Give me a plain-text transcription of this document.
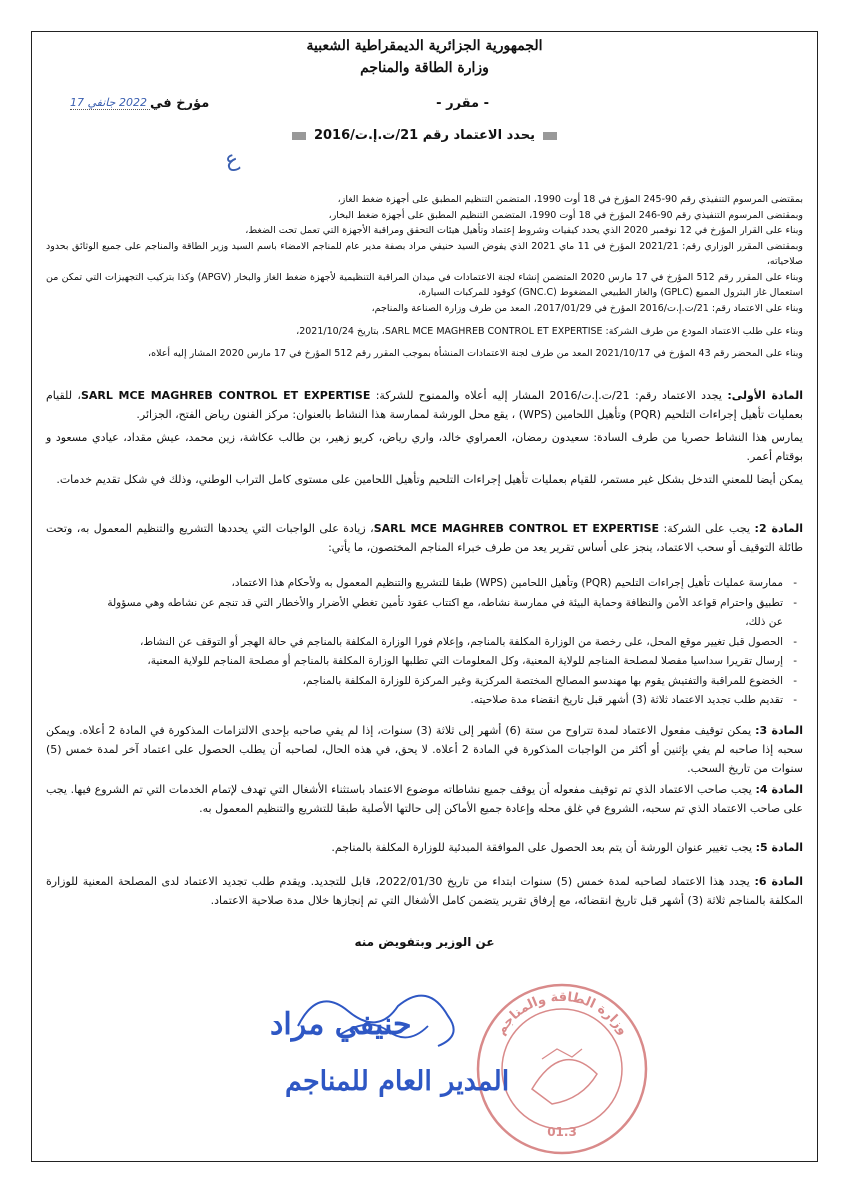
الجمهورية الجزائرية الديمقراطية الشعبية
وزارة الطاقة والمناجم
- مقرر -
مؤرخ في
2022 جانفي 17
يحدد الاعتماد رقم 21/ت.إ.ت/2016
ع

بمقتضى المرسوم التنفيذي رقم 90-245 المؤرخ في 18 أوت 1990، المتضمن التنظيم المطبق على أجهزة ضغط الغاز،

وبمقتضى المرسوم التنفيذي رقم 90-246 المؤرخ في 18 أوت 1990، المتضمن التنظيم المطبق على أجهزة ضغط البخار،

وبناء على القرار المؤرخ في 12 نوفمبر 2020 الذي يحدد كيفيات وشروط إعتماد وتأهيل هيئات التحقق ومراقبة الأجهزة التي تعمل تحت الضغط،

وبمقتضى المقرر الوزاري رقم: 2021/21 المؤرخ في 11 ماي 2021 الذي يفوض السيد حنيفي مراد بصفة مدير عام للمناجم الامضاء باسم السيد وزير الطاقة والمناجم على جميع الوثائق بحدود صلاحياته،

وبناء على المقرر رقم 512 المؤرخ في 17 مارس 2020 المتضمن إنشاء لجنة الاعتمادات في ميدان المراقبة التنظيمية لأجهزة ضغط الغاز والبخار (APGV) وكذا بتركيب التجهيزات التي تمكن من استعمال غاز البترول المميع (GPLC) والغاز الطبيعي المضغوط (GNC.C) كوقود للمركبات السيارة،

وبناء على الاعتماد رقم: 21/ت.إ.ت/2016 المؤرخ في 2017/01/29، المعد من طرف وزارة الصناعة والمناجم،

وبناء على طلب الاعتماد المودع من طرف الشركة: SARL MCE MAGHREB CONTROL ET EXPERTISE، بتاريخ 2021/10/24،

وبناء على المحضر رقم 43 المؤرخ في 2021/10/17 المعد من طرف لجنة الاعتمادات المنشأة بموجب المقرر رقم 512 المؤرخ في 17 مارس 2020 المشار إليه أعلاه،

المادة الأولى: يجدد الاعتماد رقم: 21/ت.إ.ت/2016 المشار إليه أعلاه والممنوح للشركة: SARL MCE MAGHREB CONTROL ET EXPERTISE، للقيام بعمليات تأهيل إجراءات التلحيم (PQR) وتأهيل اللحامين (WPS) ، يقع محل الورشة لممارسة هذا النشاط بالعنوان: مركز الفنون رياض الفتح، الجزائر.

يمارس هذا النشاط حصريا من طرف السادة: سعيدون رمضان، العمراوي خالد، واري رياض، كريو زهير، بن طالب عكاشة، زين محمد، عيش مقداد، عيادي مسعود و بوقتام أعمر.

يمكن أيضا للمعني التدخل بشكل غير مستمر، للقيام بعمليات تأهيل إجراءات التلحيم وتأهيل اللحامين على مستوى كامل التراب الوطني، وذلك في شكل تقديم خدمات.

المادة 2: يجب على الشركة: SARL MCE MAGHREB CONTROL ET EXPERTISE، زيادة على الواجبات التي يحددها التشريع والتنظيم المعمول به، وتحت طائلة التوقيف أو سحب الاعتماد، ينجز على أساس تقرير يعد من طرف خبراء المناجم المختصون، ما يأتي:

- ممارسة عمليات تأهيل إجراءات التلحيم (PQR) وتأهيل اللحامين (WPS) طبقا للتشريع والتنظيم المعمول به ولأحكام هذا الاعتماد،
- تطبيق واحترام قواعد الأمن والنظافة وحماية البيئة في ممارسة نشاطه، مع اكتتاب عقود تأمين تغطي الأضرار والأخطار التي قد تنجم عن نشاطه وهي مسؤولة عن ذلك،
- الحصول قبل تغيير موقع المحل، على رخصة من الوزارة المكلفة بالمناجم، وإعلام فورا الوزارة المكلفة بالمناجم في حالة الهجر أو التوقف عن النشاط،
- إرسال تقريرا سداسيا مفصلا لمصلحة المناجم للولاية المعنية، وكل المعلومات التي تطلبها الوزارة المكلفة بالمناجم أو مصلحة المناجم للولاية المعنية،
- الخضوع للمراقبة والتفتيش يقوم بها مهندسو المصالح المختصة المركزية وغير المركزة للوزارة المكلفة بالمناجم،
- تقديم طلب تجديد الاعتماد ثلاثة (3) أشهر قبل تاريخ انقضاء مدة صلاحيته.

المادة 3: يمكن توقيف مفعول الاعتماد لمدة تتراوح من ستة (6) أشهر إلى ثلاثة (3) سنوات، إذا لم يفي صاحبه بإحدى الالتزامات المذكورة في المادة 2 أعلاه. ويمكن سحبه إذا صاحبه لم يفي بإثنين أو أكثر من الواجبات المذكورة في المادة 2 أعلاه. لا يحق، في هذه الحال، لصاحبه أن يطلب الحصول على اعتماد آخر لمدة خمس (5) سنوات من تاريخ السحب.

المادة 4: يجب صاحب الاعتماد الذي تم توقيف مفعوله أن يوقف جميع نشاطاته موضوع الاعتماد باستثناء الأشغال التي تهدف لإتمام الخدمات التي تم الشروع فيها. يجب على صاحب الاعتماد الذي تم سحبه، الشروع في غلق محله وإعادة جميع الأماكن إلى حالتها الأصلية طبقا للتشريع والتنظيم المعمول به.

المادة 5: يجب تغيير عنوان الورشة أن يتم بعد الحصول على الموافقة المبدئية للوزارة المكلفة بالمناجم.

المادة 6: يجدد هذا الاعتماد لصاحبه لمدة خمس (5) سنوات ابتداء من تاريخ 2022/01/30، قابل للتجديد. ويقدم طلب تجديد الاعتماد لدى المصلحة المعنية للوزارة المكلفة بالمناجم ثلاثة (3) أشهر قبل تاريخ انقضائه، مع إرفاق تقرير يتضمن كامل الأشغال التي تم إنجازها خلال مدة صلاحية الاعتماد.

عن الوزير وبتفويض منه
وزارة الطاقة والمناجم
01.3
حنيفي مراد
المدير العام للمناجم
